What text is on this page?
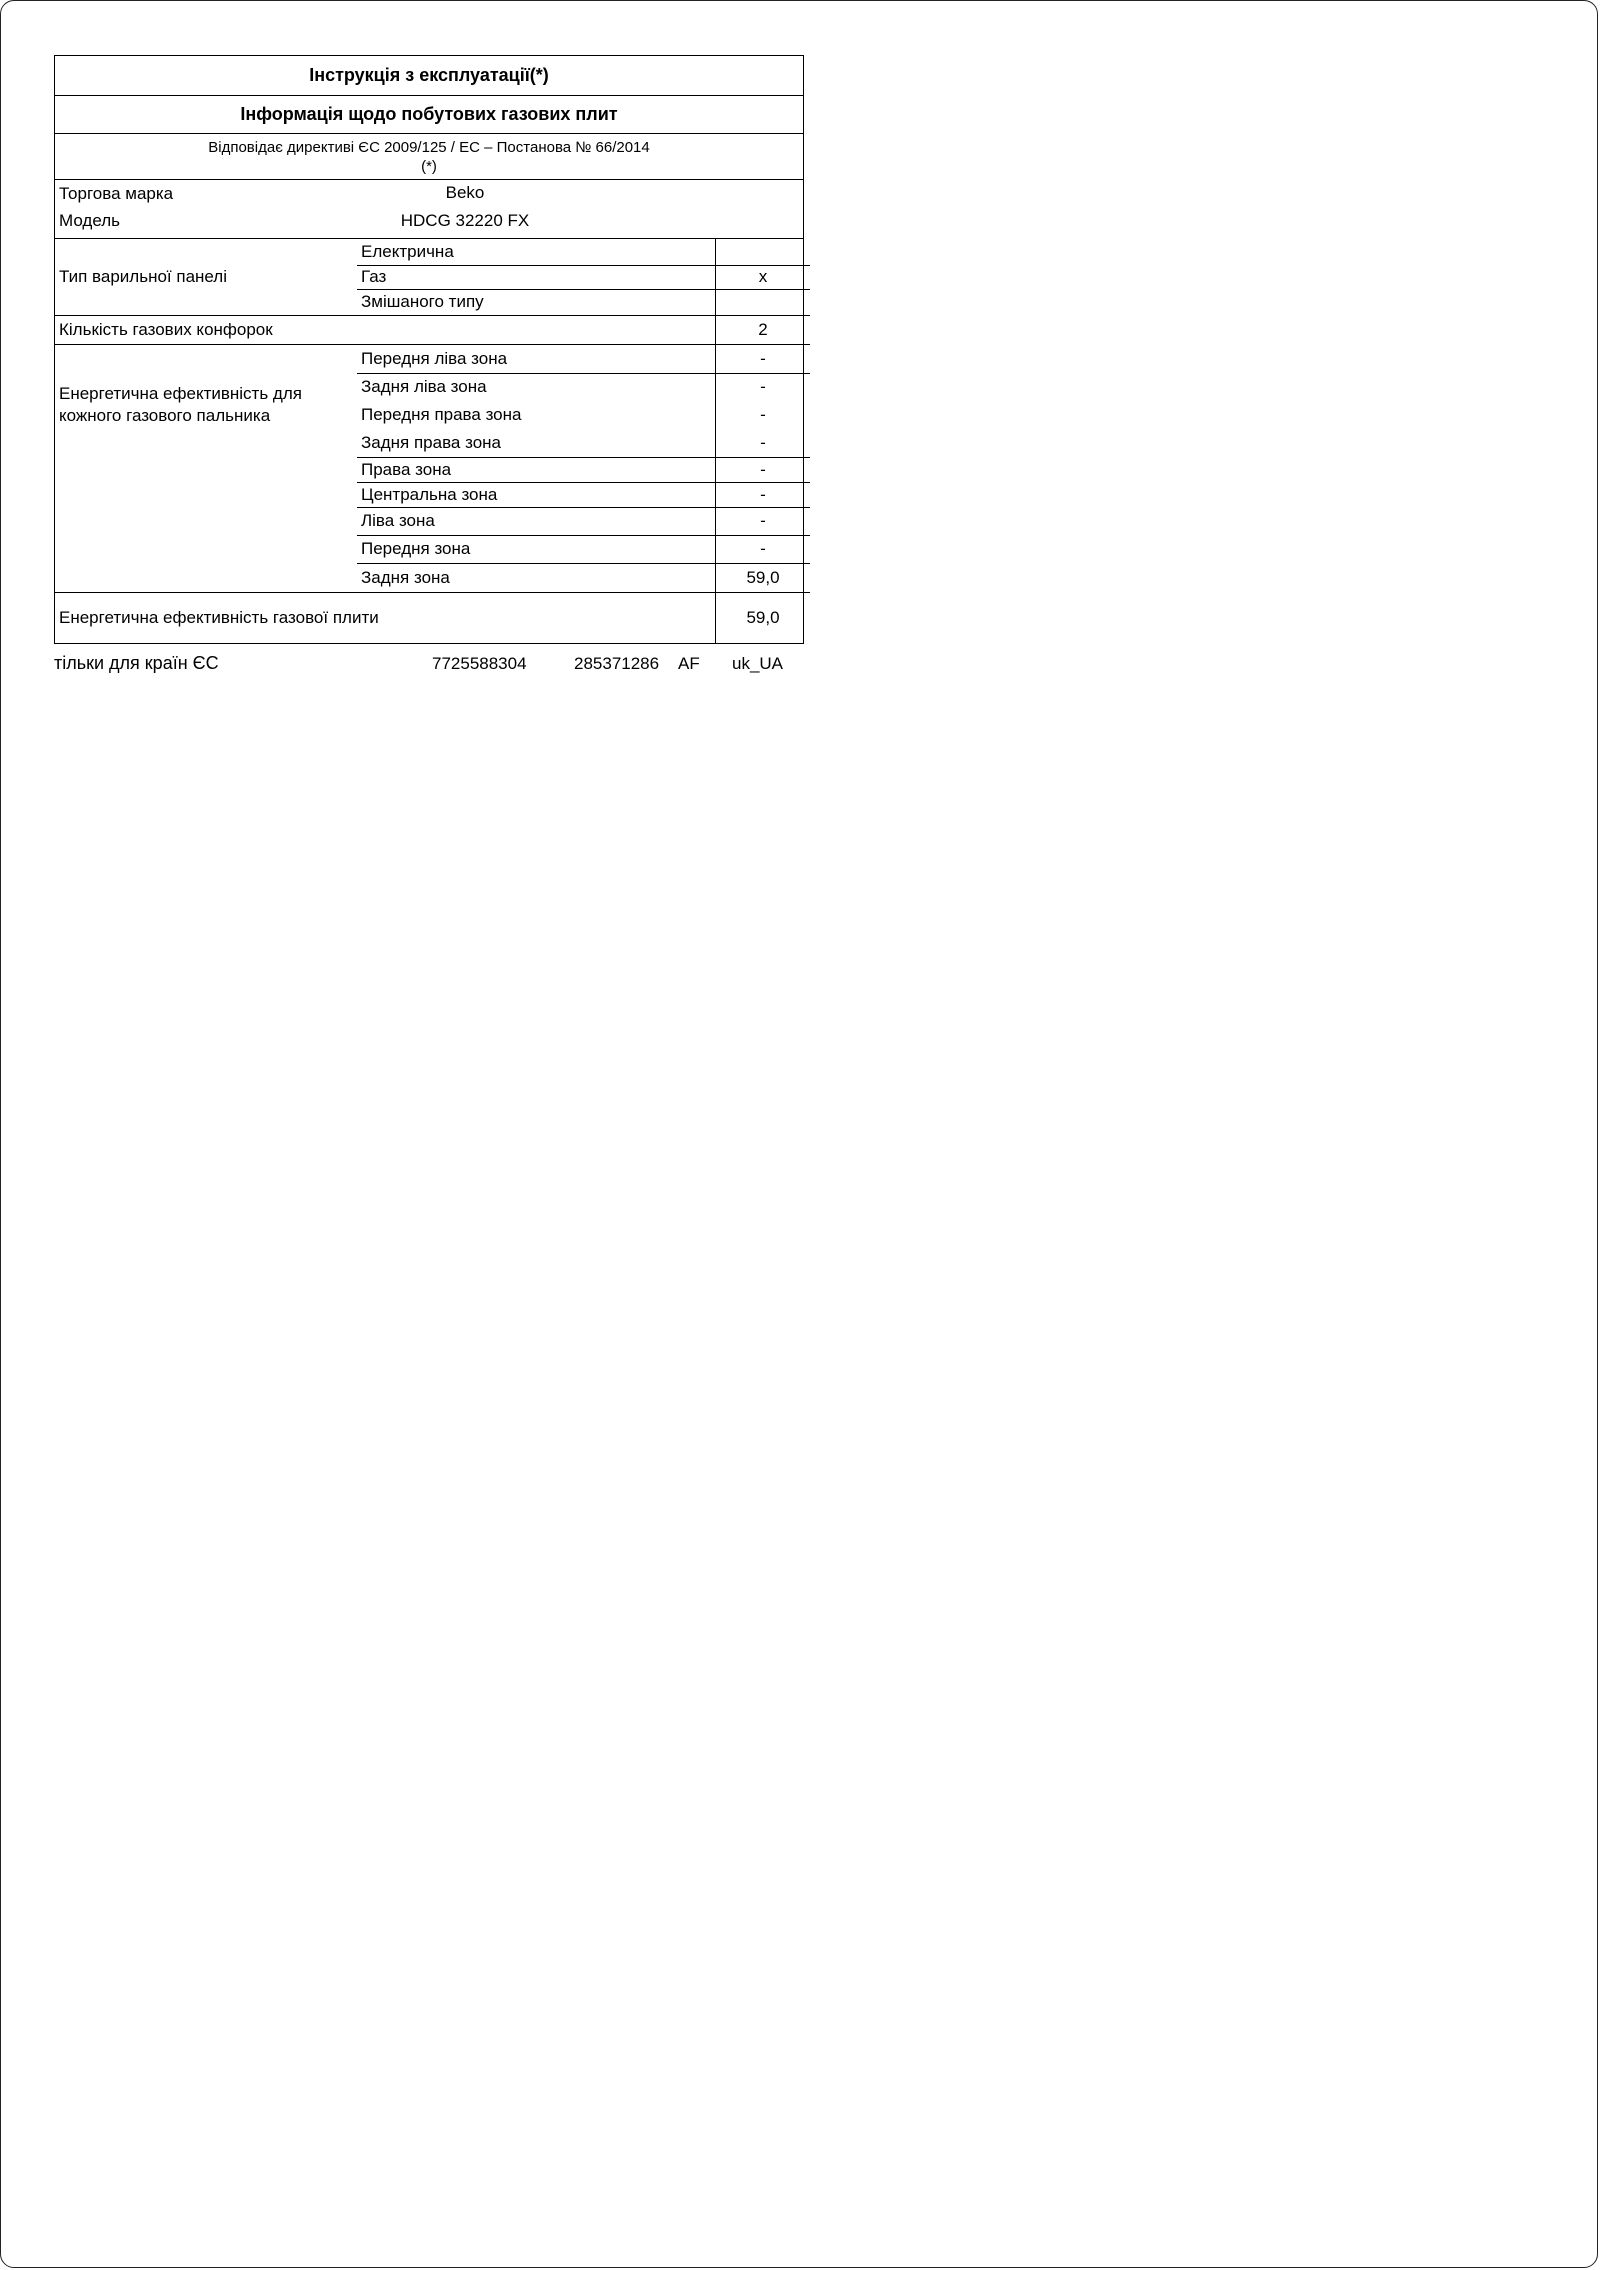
Інструкція з експлуатації(*)
Інформація щодо побутових газових плит
Відповідає директиві ЄС 2009/125 / ЕС – Постанова № 66/2014
(*)
Торгова марка	Beko
Модель	HDCG 32220 FX
Тип варильної панелі	Електрична	
	Газ	x
	Змішаного типу	
Кількість газових конфорок		2
Енергетична ефективність для кожного газового пальника	Передня ліва зона	-
	Задня ліва зона	-
	Передня права зона	-
	Задня права зона	-
	Права зона	-
	Центральна зона	-
	Ліва зона	-
	Передня зона	-
	Задня зона	59,0
Енергетична ефективність газової плити		59,0
тільки для країн ЄС	7725588304	285371286 AF uk_UA
